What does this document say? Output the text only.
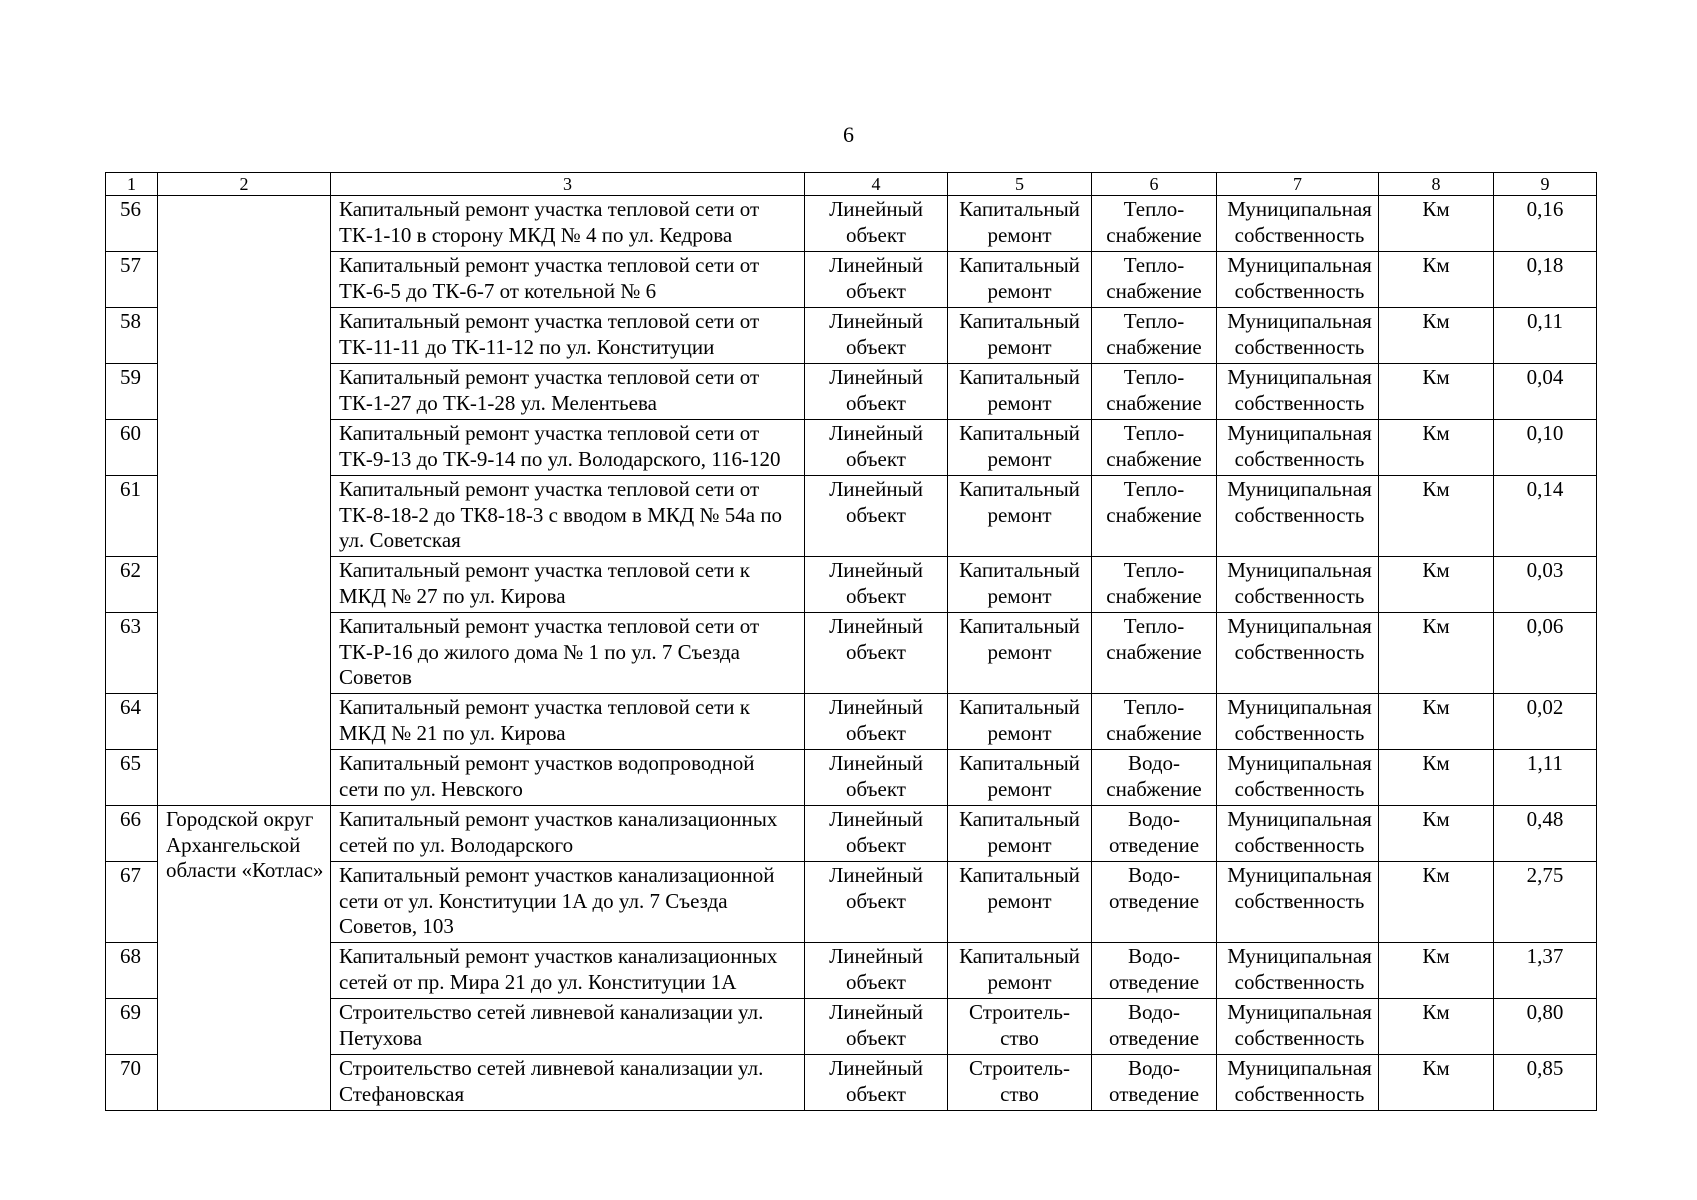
6
1	2	3	4	5	6	7	8	9
56		Капитальный ремонт участка тепловой сети от ТК-1-10 в сторону МКД № 4 по ул. Кедрова	Линейный объект	Капитальный ремонт	Тепло-снабжение	Муниципальная собственность	Км	0,16
57		Капитальный ремонт участка тепловой сети от ТК-6-5 до ТК-6-7 от котельной № 6	Линейный объект	Капитальный ремонт	Тепло-снабжение	Муниципальная собственность	Км	0,18
58		Капитальный ремонт участка тепловой сети от ТК-11-11 до ТК-11-12 по ул. Конституции	Линейный объект	Капитальный ремонт	Тепло-снабжение	Муниципальная собственность	Км	0,11
59		Капитальный ремонт участка тепловой сети от ТК-1-27 до ТК-1-28 ул. Мелентьева	Линейный объект	Капитальный ремонт	Тепло-снабжение	Муниципальная собственность	Км	0,04
60		Капитальный ремонт участка тепловой сети от ТК-9-13 до ТК-9-14 по ул. Володарского, 116-120	Линейный объект	Капитальный ремонт	Тепло-снабжение	Муниципальная собственность	Км	0,10
61		Капитальный ремонт участка тепловой сети от ТК-8-18-2 до ТК8-18-3 с вводом в МКД № 54а по ул. Советская	Линейный объект	Капитальный ремонт	Тепло-снабжение	Муниципальная собственность	Км	0,14
62		Капитальный ремонт участка тепловой сети к МКД № 27 по ул. Кирова	Линейный объект	Капитальный ремонт	Тепло-снабжение	Муниципальная собственность	Км	0,03
63		Капитальный ремонт участка тепловой сети от ТК-Р-16 до жилого дома № 1 по ул. 7 Съезда Советов	Линейный объект	Капитальный ремонт	Тепло-снабжение	Муниципальная собственность	Км	0,06
64		Капитальный ремонт участка тепловой сети к МКД № 21 по ул. Кирова	Линейный объект	Капитальный ремонт	Тепло-снабжение	Муниципальная собственность	Км	0,02
65		Капитальный ремонт участков водопроводной сети по ул. Невского	Линейный объект	Капитальный ремонт	Водо-снабжение	Муниципальная собственность	Км	1,11
66	Городской округ Архангельской области «Котлас»	Капитальный ремонт участков канализационных сетей по ул. Володарского	Линейный объект	Капитальный ремонт	Водо-отведение	Муниципальная собственность	Км	0,48
67		Капитальный ремонт участков канализационной сети от ул. Конституции 1А до ул. 7 Съезда Советов, 103	Линейный объект	Капитальный ремонт	Водо-отведение	Муниципальная собственность	Км	2,75
68		Капитальный ремонт участков канализационных сетей от пр. Мира 21 до ул. Конституции 1А	Линейный объект	Капитальный ремонт	Водо-отведение	Муниципальная собственность	Км	1,37
69		Строительство сетей ливневой канализации ул. Петухова	Линейный объект	Строитель-ство	Водо-отведение	Муниципальная собственность	Км	0,80
70		Строительство сетей ливневой канализации ул. Стефановская	Линейный объект	Строитель-ство	Водо-отведение	Муниципальная собственность	Км	0,85
